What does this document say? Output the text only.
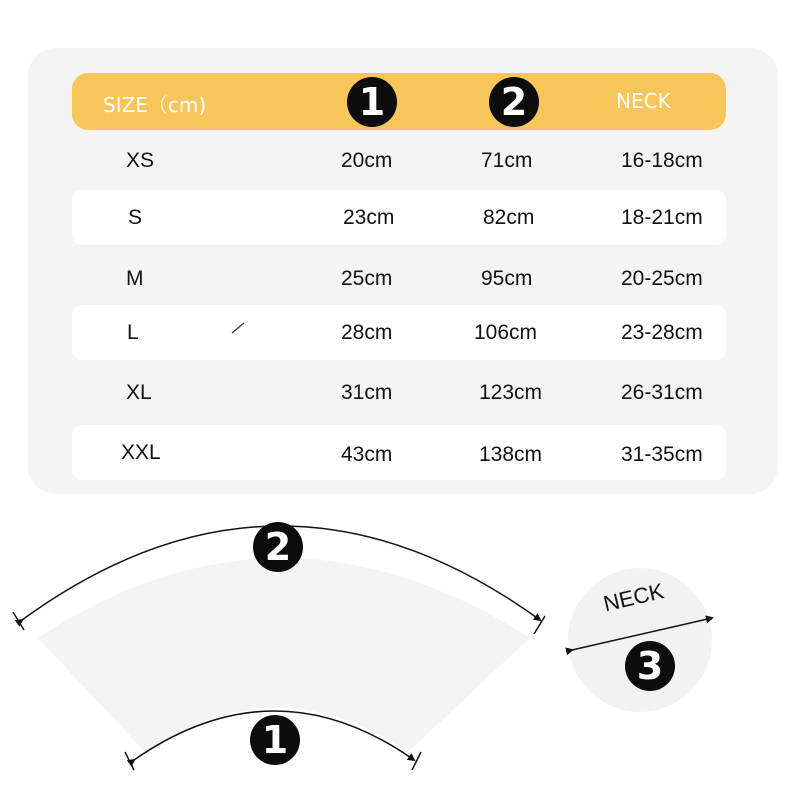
SIZE（cm)	1	2	NECK
XS	20cm	71cm	16-18cm
S	23cm	82cm	18-21cm
M	25cm	95cm	20-25cm
L	28cm	106cm	23-28cm
XL	31cm	123cm	26-31cm
XXL	43cm	138cm	31-35cm
2
1
NECK
3
